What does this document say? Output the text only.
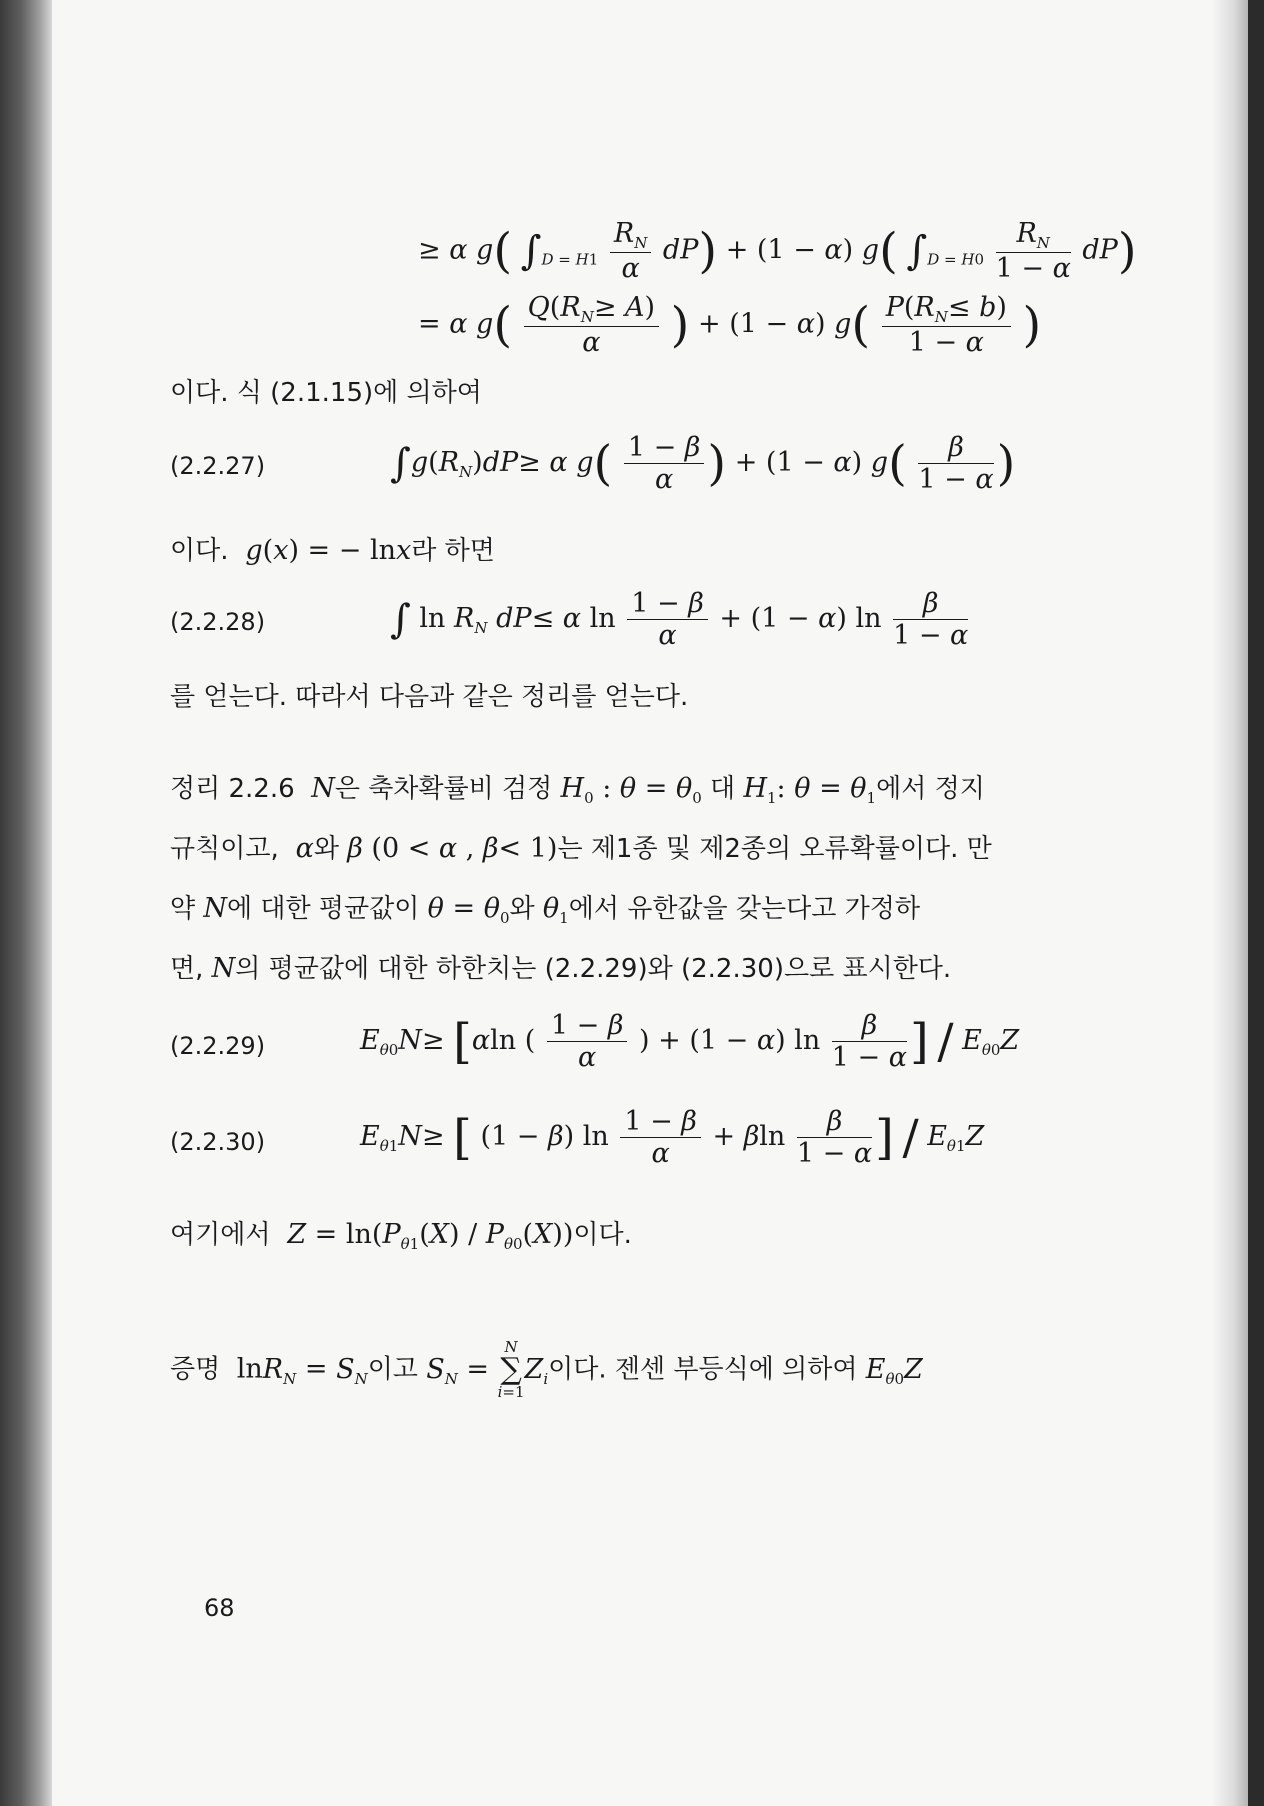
≥ α g( $\int_{D = H1} \frac{R_N}{\alpha} dP) + (1 - \alpha)$ g( $\int_{D = H0} \frac{R_N}{1 - \alpha} dP$)
= α $g( \frac{Q(R_N\ge A)}{\alpha}$ ) + (1 − α) $g( \frac{P(R_N\le b)}{1 - \alpha}$ )
이다. 식 (2.1.15)에 의하여
(2.2.27)	$\int g(R_N)dP\ge \alpha$ $g( \frac{1 - \beta}{\alpha}$ ) + (1 − α) $g( \frac{\beta}{1 - \alpha}$ )
이다. g(x) = − lnx라 하면
(2.2.28)	∫ $\ln R_N$ dP≤ α $\ln \frac{1 - \beta}{\alpha} + (1 - \alpha)$ $\ln \frac{\beta}{1 - \alpha}$
를 얻는다. 따라서 다음과 같은 정리를 얻는다.
정리 2.2.6 N은 축차확률비 검정 $H_0$ : $\theta = \theta_0$ 대 $H_1$: $\theta = \theta_1$에서 정지
규칙이고, α와 β (0 < α , β< 1)는 제1종 및 제2종의 오류확률이다. 만
약 N에 대한 평균값이 $\theta = \theta_0$와 $\theta_1$에서 유한값을 갖는다고 가정하
면, N의 평균값에 대한 하한치는 (2.2.29)와 (2.2.30)으로 표시한다.
(2.2.29)	$E_{\theta 0}N\ge [\alpha\ln$ ( $\frac{1 - \beta}{\alpha}$ ) + (1 − α) $\ln \frac{\beta}{1 - \alpha}$ ] / $E_{\theta 0}Z$
(2.2.30)	$E_{\theta 1}N\ge$ [ (1 − β) $\ln \frac{1 - \beta}{\alpha} + \beta\ln \frac{\beta}{1 - \alpha}$ ] / $E_{\theta 1}Z$
여기에서 $Z = \ln(P_{\theta 1}(X) / P_{\theta 0}(X))$이다.
증명 $\ln R_N = S_N$이고 $S_N$ =
N
∑
i=1
$Z_i$이다. 젠센 부등식에 의하여 $E_{\theta 0}Z$
68
